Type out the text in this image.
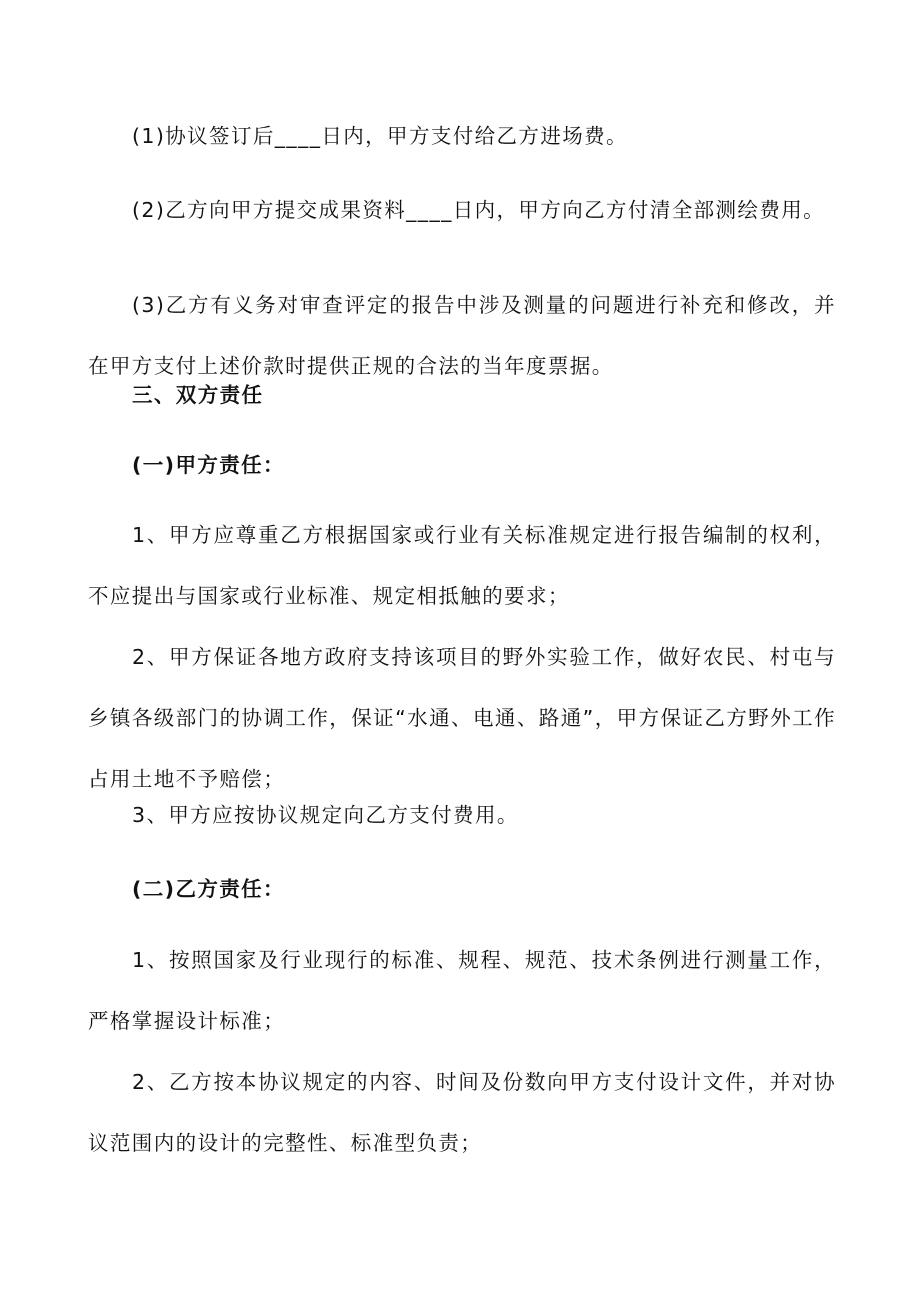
(1)协议签订后____日内，甲方支付给乙方进场费。

(2)乙方向甲方提交成果资料____日内，甲方向乙方付清全部测绘费用。

(3)乙方有义务对审查评定的报告中涉及测量的问题进行补充和修改，并在甲方支付上述价款时提供正规的合法的当年度票据。

三、双方责任

(一)甲方责任：

1、甲方应尊重乙方根据国家或行业有关标准规定进行报告编制的权利，不应提出与国家或行业标准、规定相抵触的要求；

2、甲方保证各地方政府支持该项目的野外实验工作，做好农民、村屯与乡镇各级部门的协调工作，保证“水通、电通、路通”，甲方保证乙方野外工作占用土地不予赔偿；

3、甲方应按协议规定向乙方支付费用。

(二)乙方责任：

1、按照国家及行业现行的标准、规程、规范、技术条例进行测量工作，严格掌握设计标准；

2、乙方按本协议规定的内容、时间及份数向甲方支付设计文件，并对协议范围内的设计的完整性、标准型负责；
